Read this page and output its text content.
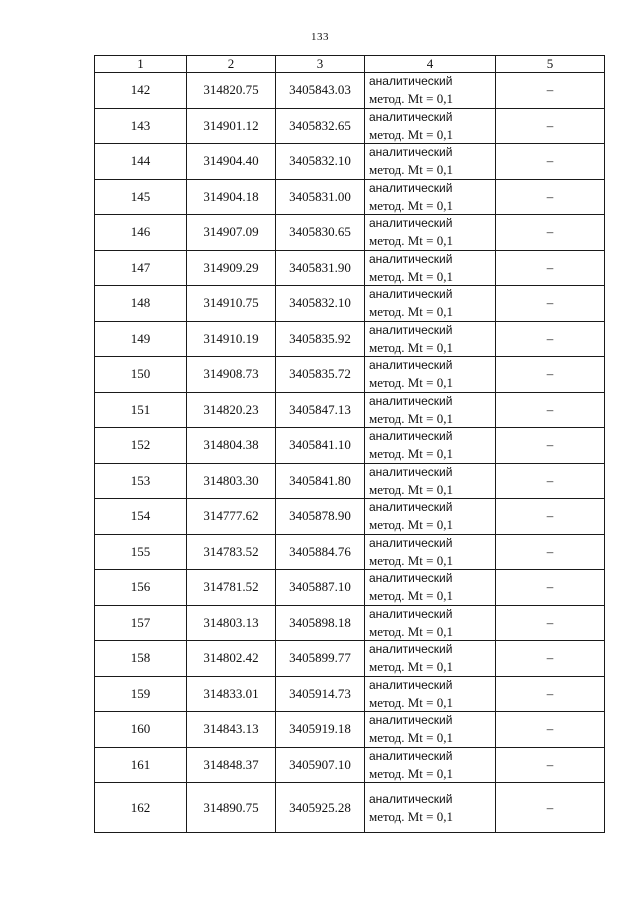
133
1	2	3	4	5
142	314820.75	3405843.03	аналитический
метод. Mt = 0,1	–
143	314901.12	3405832.65	аналитический
метод. Mt = 0,1	–
144	314904.40	3405832.10	аналитический
метод. Mt = 0,1	–
145	314904.18	3405831.00	аналитический
метод. Mt = 0,1	–
146	314907.09	3405830.65	аналитический
метод. Mt = 0,1	–
147	314909.29	3405831.90	аналитический
метод. Mt = 0,1	–
148	314910.75	3405832.10	аналитический
метод. Mt = 0,1	–
149	314910.19	3405835.92	аналитический
метод. Mt = 0,1	–
150	314908.73	3405835.72	аналитический
метод. Mt = 0,1	–
151	314820.23	3405847.13	аналитический
метод. Mt = 0,1	–
152	314804.38	3405841.10	аналитический
метод. Mt = 0,1	–
153	314803.30	3405841.80	аналитический
метод. Mt = 0,1	–
154	314777.62	3405878.90	аналитический
метод. Mt = 0,1	–
155	314783.52	3405884.76	аналитический
метод. Mt = 0,1	–
156	314781.52	3405887.10	аналитический
метод. Mt = 0,1	–
157	314803.13	3405898.18	аналитический
метод. Mt = 0,1	–
158	314802.42	3405899.77	аналитический
метод. Mt = 0,1	–
159	314833.01	3405914.73	аналитический
метод. Mt = 0,1	–
160	314843.13	3405919.18	аналитический
метод. Mt = 0,1	–
161	314848.37	3405907.10	аналитический
метод. Mt = 0,1	–
162	314890.75	3405925.28	аналитический
метод. Mt = 0,1	–
